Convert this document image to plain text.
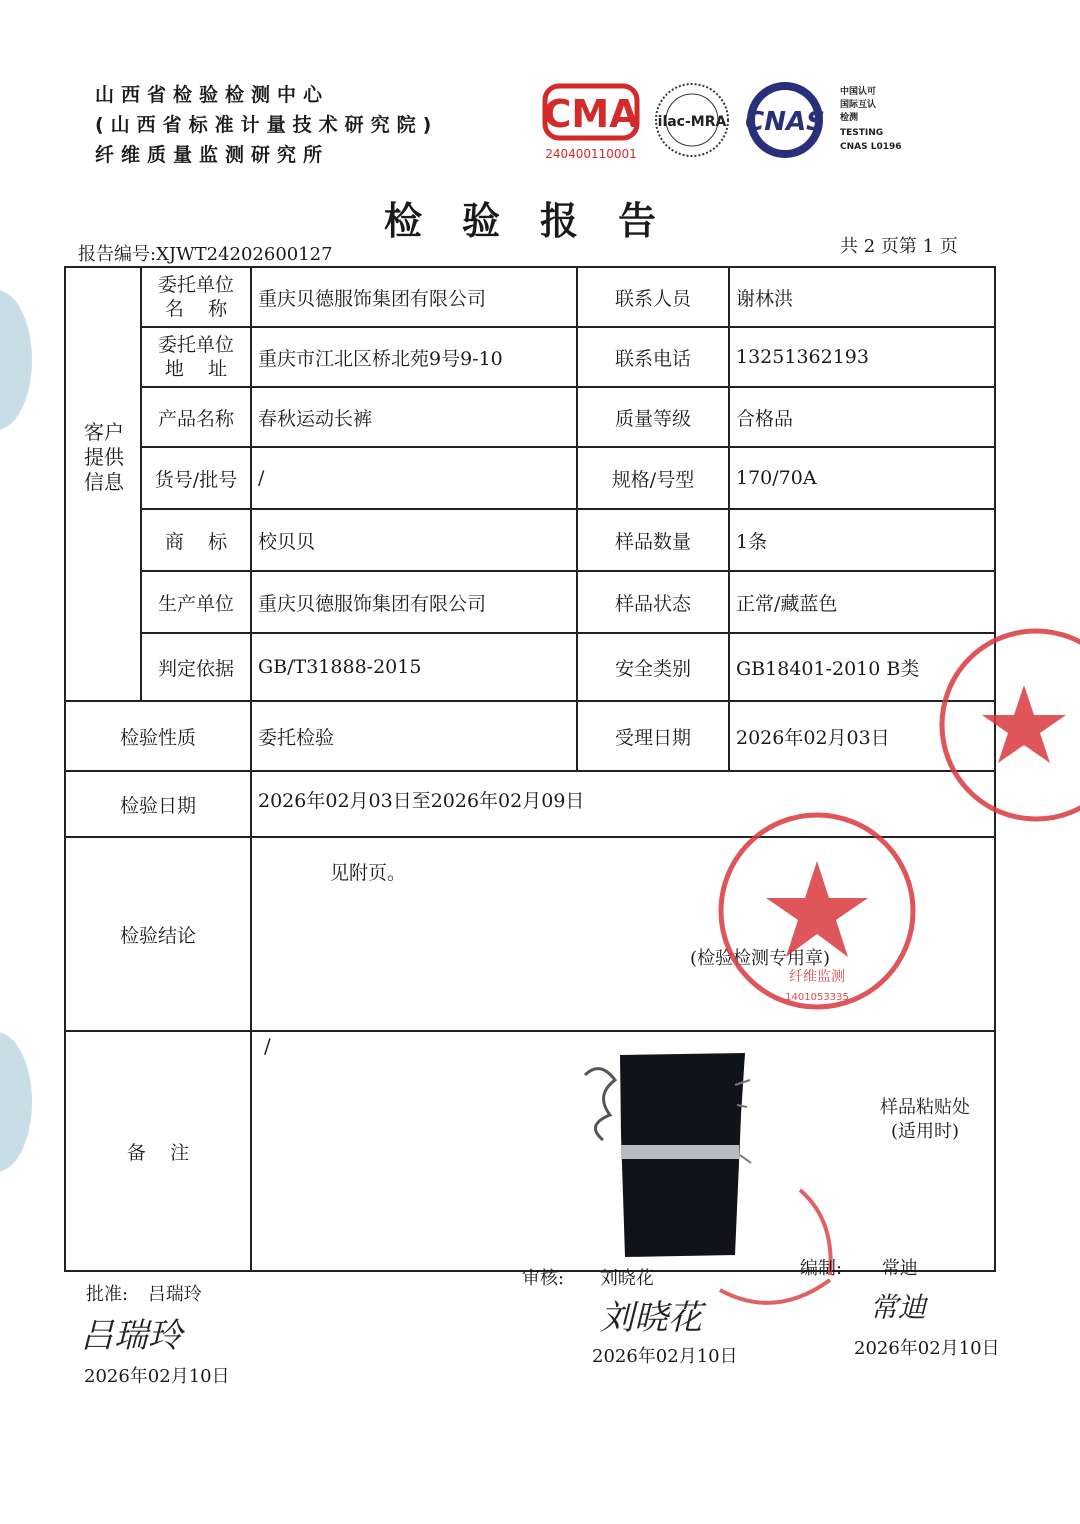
山西省检验检测中心
(山西省标准计量技术研究院)
纤维质量监测研究所
CMA
240400110001
ilac-MRA CNAS
中国认可
国际互认
检测
TESTING
CNAS L0196
检验报告
报告编号:XJWT24202600127	共 2 页第 1 页
客户提供信息
委托单位
名    称	重庆贝德服饰集团有限公司	联系人员	谢林洪
委托单位
地    址	重庆市江北区桥北苑9号9-10	联系电话	13251362193
产品名称	春秋运动长裤	质量等级	合格品
货号/批号	/	规格/号型	170/70A
商    标	校贝贝	样品数量	1条
生产单位	重庆贝德服饰集团有限公司	样品状态	正常/藏蓝色
判定依据	GB/T31888-2015	安全类别	GB18401-2010 B类
检验性质	委托检验	受理日期	2026年02月03日
检验日期	2026年02月03日至2026年02月09日
检验结论
见附页。
(检验检测专用章)
备    注
/
样品粘贴处
(适用时)
纤维监测
1401053335
批准: 吕瑞玲
吕瑞玲
2026年02月10日
审核: 刘晓花
刘晓花
2026年02月10日
编制: 常迪
常迪
2026年02月10日
